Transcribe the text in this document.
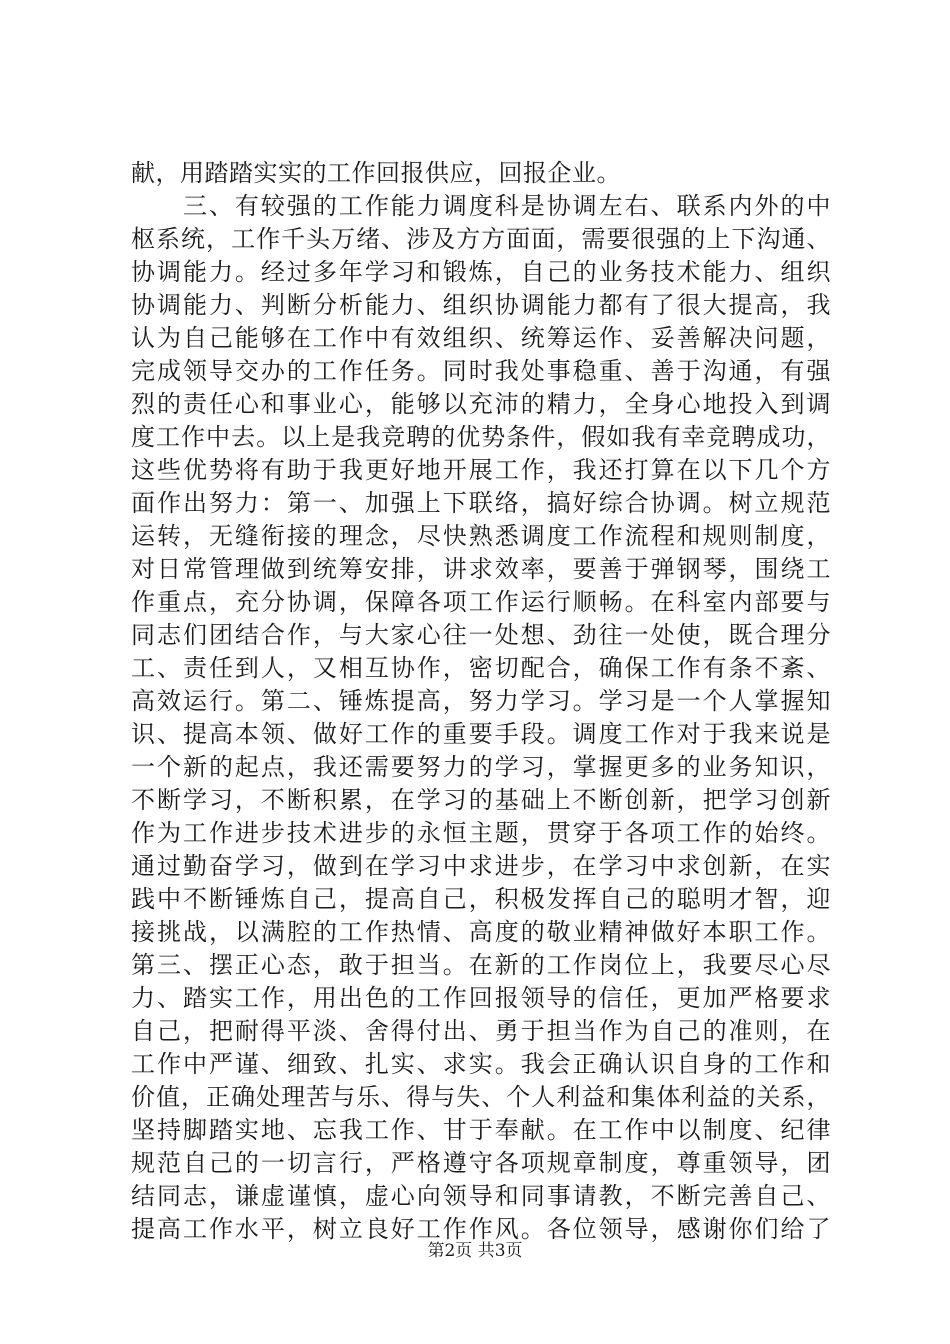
献，用踏踏实实的工作回报供应，回报企业。
　　三、有较强的工作能力调度科是协调左右、联系内外的中
枢系统，工作千头万绪、涉及方方面面，需要很强的上下沟通、
协调能力。经过多年学习和锻炼，自己的业务技术能力、组织
协调能力、判断分析能力、组织协调能力都有了很大提高，我
认为自己能够在工作中有效组织、统筹运作、妥善解决问题，
完成领导交办的工作任务。同时我处事稳重、善于沟通，有强
烈的责任心和事业心，能够以充沛的精力，全身心地投入到调
度工作中去。以上是我竞聘的优势条件，假如我有幸竞聘成功，
这些优势将有助于我更好地开展工作，我还打算在以下几个方
面作出努力：第一、加强上下联络，搞好综合协调。树立规范
运转，无缝衔接的理念，尽快熟悉调度工作流程和规则制度，
对日常管理做到统筹安排，讲求效率，要善于弹钢琴，围绕工
作重点，充分协调，保障各项工作运行顺畅。在科室内部要与
同志们团结合作，与大家心往一处想、劲往一处使，既合理分
工、责任到人，又相互协作，密切配合，确保工作有条不紊、
高效运行。第二、锤炼提高，努力学习。学习是一个人掌握知
识、提高本领、做好工作的重要手段。调度工作对于我来说是
一个新的起点，我还需要努力的学习，掌握更多的业务知识，
不断学习，不断积累，在学习的基础上不断创新，把学习创新
作为工作进步技术进步的永恒主题，贯穿于各项工作的始终。
通过勤奋学习，做到在学习中求进步，在学习中求创新，在实
践中不断锤炼自己，提高自己，积极发挥自己的聪明才智，迎
接挑战，以满腔的工作热情、高度的敬业精神做好本职工作。
第三、摆正心态，敢于担当。在新的工作岗位上，我要尽心尽
力、踏实工作，用出色的工作回报领导的信任，更加严格要求
自己，把耐得平淡、舍得付出、勇于担当作为自己的准则，在
工作中严谨、细致、扎实、求实。我会正确认识自身的工作和
价值，正确处理苦与乐、得与失、个人利益和集体利益的关系，
坚持脚踏实地、忘我工作、甘于奉献。在工作中以制度、纪律
规范自己的一切言行，严格遵守各项规章制度，尊重领导，团
结同志，谦虚谨慎，虚心向领导和同事请教，不断完善自己、
提高工作水平，树立良好工作作风。各位领导，感谢你们给了
第2页 共3页
